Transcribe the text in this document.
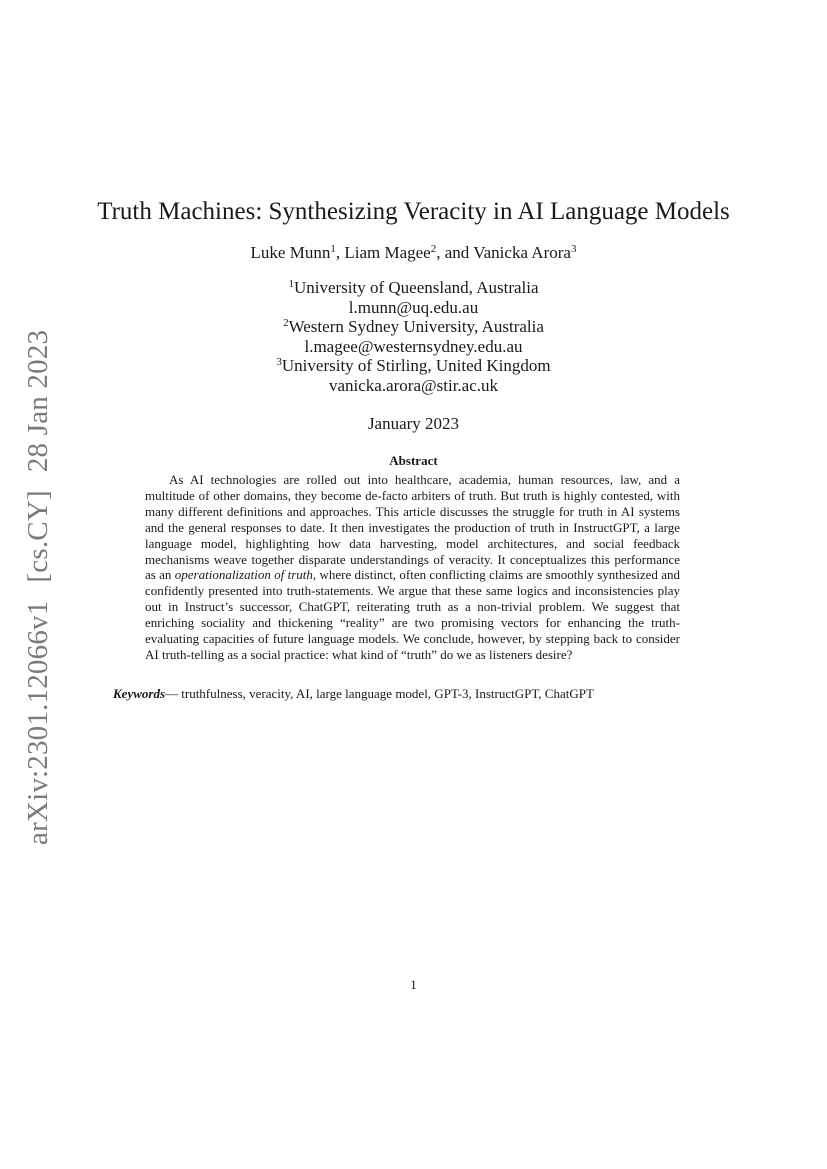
arXiv:2301.12066v1[cs.CY]28 Jan 2023
Truth Machines: Synthesizing Veracity in AI Language Models
Luke Munn$^1$, Liam Magee$^2$, and Vanicka Arora$^3$
$^1$University of Queensland, Australia
l.munn@uq.edu.au
$^2$Western Sydney University, Australia
l.magee@westernsydney.edu.au
$^3$University of Stirling, United Kingdom
vanicka.arora@stir.ac.uk
January 2023
Abstract

As AI technologies are rolled out into healthcare, academia, human resources, law, and a multitude of other domains, they become de-facto arbiters of truth. But truth is highly contested, with many different definitions and approaches. This article discusses the struggle for truth in AI systems and the general responses to date. It then investigates the production of truth in InstructGPT, a large language model, highlighting how data harvesting, model architectures, and social feedback mechanisms weave together disparate understandings of veracity. It conceptualizes this performance as an operationalization of truth, where distinct, often conflicting claims are smoothly synthesized and confidently presented into truth-statements. We argue that these same logics and inconsistencies play out in Instruct’s successor, ChatGPT, reiterating truth as a non-trivial problem. We suggest that enriching sociality and thickening “reality” are two promising vectors for enhancing the truth-evaluating capacities of future language models. We conclude, however, by stepping back to consider AI truth-telling as a social practice: what kind of “truth” do we as listeners desire?

Keywords— truthfulness, veracity, AI, large language model, GPT-3, InstructGPT, ChatGPT
1
